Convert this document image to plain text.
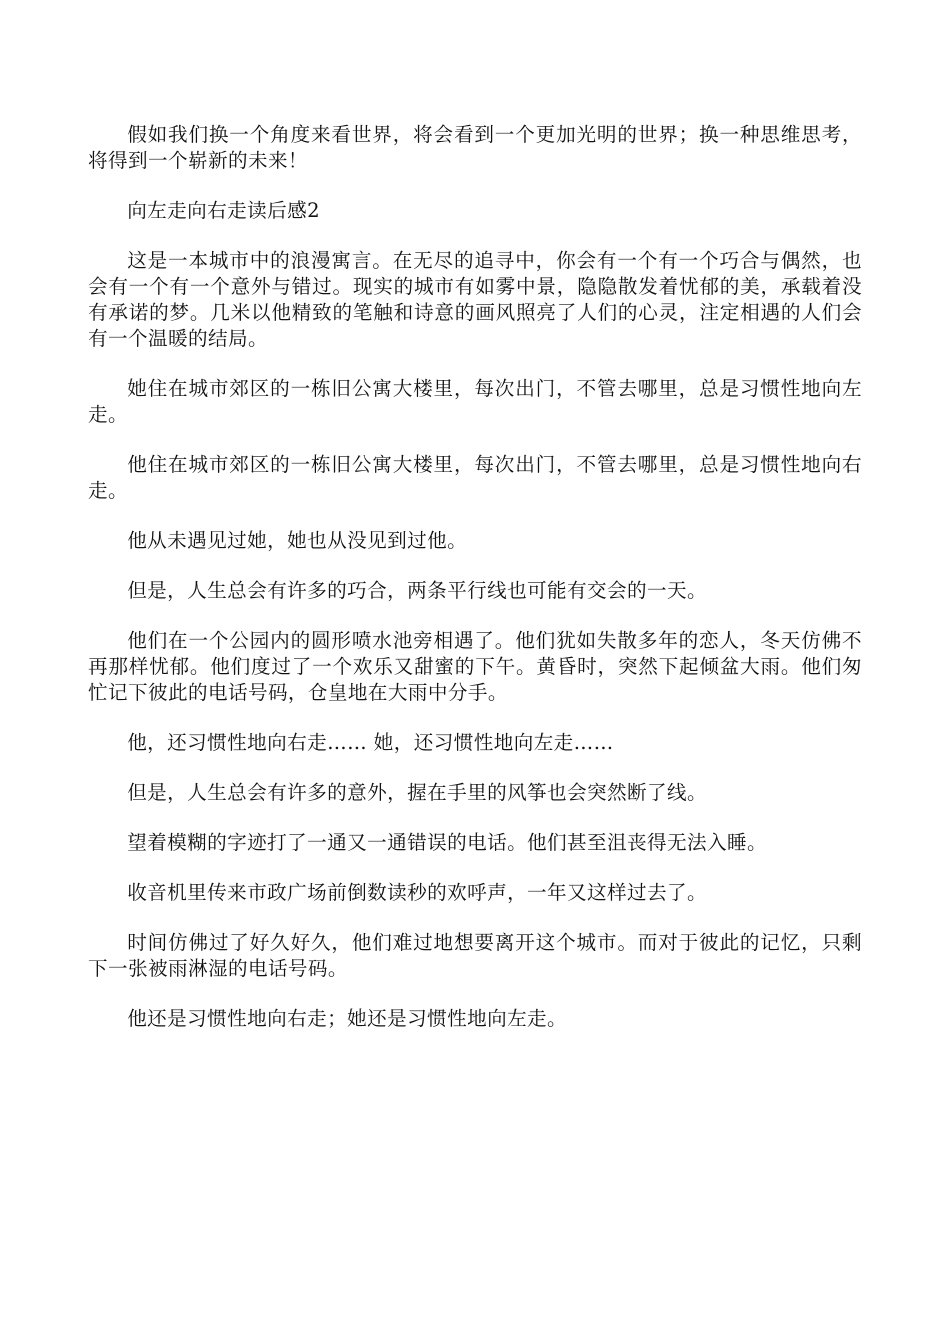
假如我们换一个角度来看世界，将会看到一个更加光明的世界；换一种思维思考，将得到一个崭新的未来！

向左走向右走读后感2

这是一本城市中的浪漫寓言。在无尽的追寻中，你会有一个有一个巧合与偶然，也会有一个有一个意外与错过。现实的城市有如雾中景，隐隐散发着忧郁的美，承载着没有承诺的梦。几米以他精致的笔触和诗意的画风照亮了人们的心灵，注定相遇的人们会有一个温暖的结局。

她住在城市郊区的一栋旧公寓大楼里，每次出门，不管去哪里，总是习惯性地向左走。

他住在城市郊区的一栋旧公寓大楼里，每次出门，不管去哪里，总是习惯性地向右走。

他从未遇见过她，她也从没见到过他。

但是，人生总会有许多的巧合，两条平行线也可能有交会的一天。

他们在一个公园内的圆形喷水池旁相遇了。他们犹如失散多年的恋人，冬天仿佛不再那样忧郁。他们度过了一个欢乐又甜蜜的下午。黄昏时，突然下起倾盆大雨。他们匆忙记下彼此的电话号码，仓皇地在大雨中分手。

他，还习惯性地向右走…… 她，还习惯性地向左走……

但是，人生总会有许多的意外，握在手里的风筝也会突然断了线。

望着模糊的字迹打了一通又一通错误的电话。他们甚至沮丧得无法入睡。

收音机里传来市政广场前倒数读秒的欢呼声，一年又这样过去了。

时间仿佛过了好久好久，他们难过地想要离开这个城市。而对于彼此的记忆，只剩下一张被雨淋湿的电话号码。

他还是习惯性地向右走；她还是习惯性地向左走。
